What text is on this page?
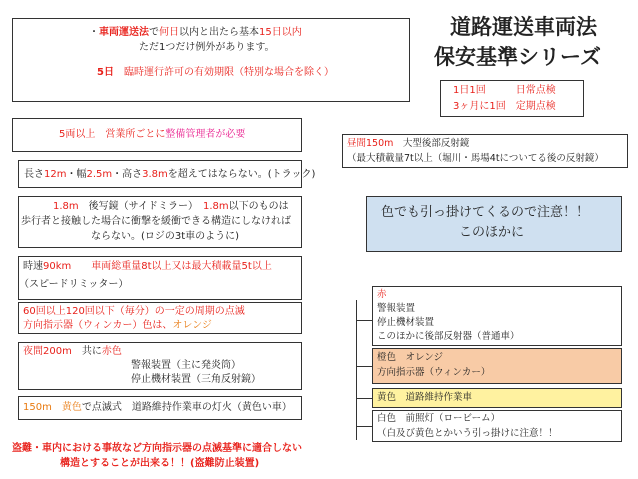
・車両運送法で何日以内と出たら基本15日以内
ただ1つだけ例外があります。
5日　 臨時運行許可の有効期限（特別な場合を除く）
道路運送車両法
保安基準シリーズ
1日1回　　　	日常点検
3ヶ月に1回　 定期点検
5両以上　営業所ごとに整備管理者が必要
長さ12m・幅2.5m・高さ3.8mを超えてはならない。(トラック)
1.8m　 後写鏡（サイドミラー）　 1.8m以下のものは
歩行者と接触した場合に衝撃を緩衝できる構造にしなければ
ならない。(ロジの3t車のように)
時速90km　　 車両総重量8t以上又は最大積載量5t以上
（スピードリミッター）
60回以上120回以下（毎分）の一定の周期の点滅
方向指示器（ウィンカー）色は、オレンジ
夜間200m　 共に赤色
警報装置（主に発炎筒）
停止機材装置（三角反射鏡）
150m　 黄色で点滅式　道路維持作業車の灯火（黄色い車）
盗難・車内における事故など方向指示器の点滅基準に適合しない
構造とすることが出来る！！(盗難防止装置)
昼間150m　 大型後部反射鏡
（最大積載量7t以上（堀川・馬場4tについてる後の反射鏡）
色でも引っ掛けてくるので注意！！
このほかに
赤
警報装置
停止機材装置
このほかに後部反射器（普通車）
橙色　オレンジ
方向指示器（ウィンカー）
黄色　道路維持作業車
白色　前照灯（ロービーム）
（白及び黄色とかいう引っ掛けに注意！！
